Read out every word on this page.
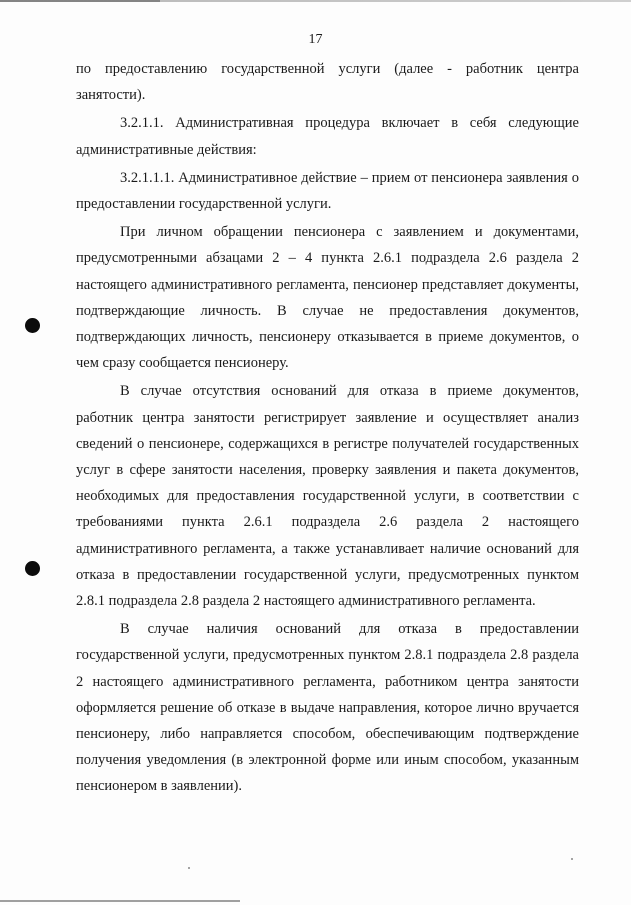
17

по предоставлению государственной услуги (далее - работник центра занятости).

3.2.1.1. Административная процедура включает в себя следующие административные действия:

3.2.1.1.1. Административное действие – прием от пенсионера заявления о предоставлении государственной услуги.

При личном обращении пенсионера с заявлением и документами, предусмотренными абзацами 2 – 4 пункта 2.6.1 подраздела 2.6 раздела 2 настоящего административного регламента, пенсионер представляет документы, подтверждающие личность. В случае не предоставления документов, подтверждающих личность, пенсионеру отказывается в приеме документов, о чем сразу сообщается пенсионеру.

В случае отсутствия оснований для отказа в приеме документов, работник центра занятости регистрирует заявление и осуществляет анализ сведений о пенсионере, содержащихся в регистре получателей государственных услуг в сфере занятости населения, проверку заявления и пакета документов, необходимых для предоставления государственной услуги, в соответствии с требованиями пункта 2.6.1 подраздела 2.6 раздела 2 настоящего административного регламента, а также устанавливает наличие оснований для отказа в предоставлении государственной услуги, предусмотренных пунктом 2.8.1 подраздела 2.8 раздела 2 настоящего административного регламента.

В случае наличия оснований для отказа в предоставлении государственной услуги, предусмотренных пунктом 2.8.1 подраздела 2.8 раздела 2 настоящего административного регламента, работником центра занятости оформляется решение об отказе в выдаче направления, которое лично вручается пенсионеру, либо направляется способом, обеспечивающим подтверждение получения уведомления (в электронной форме или иным способом, указанным пенсионером в заявлении).
